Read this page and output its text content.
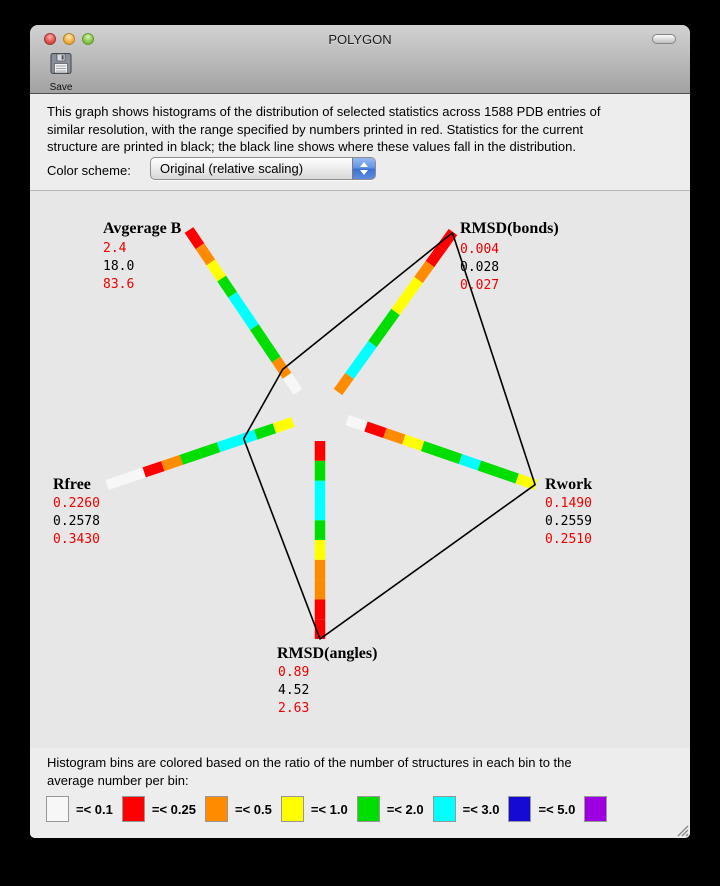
POLYGON
Save
This graph shows histograms of the distribution of selected statistics across 1588 PDB entries of
similar resolution, with the range specified by numbers printed in red. Statistics for the current
structure are printed in black; the black line shows where these values fall in the distribution.
Color scheme: Original (relative scaling)
Avgerage B
2.4
18.0
83.6
RMSD(bonds)
0.004
0.028
0.027
Rfree
0.2260
0.2578
0.3430
Rwork
0.1490
0.2559
0.2510
RMSD(angles)
0.89
4.52
2.63
Histogram bins are colored based on the ratio of the number of structures in each bin to the
average number per bin:
=< 0.1	=< 0.25	=< 0.5	=< 1.0	=< 2.0	=< 3.0	=< 5.0
